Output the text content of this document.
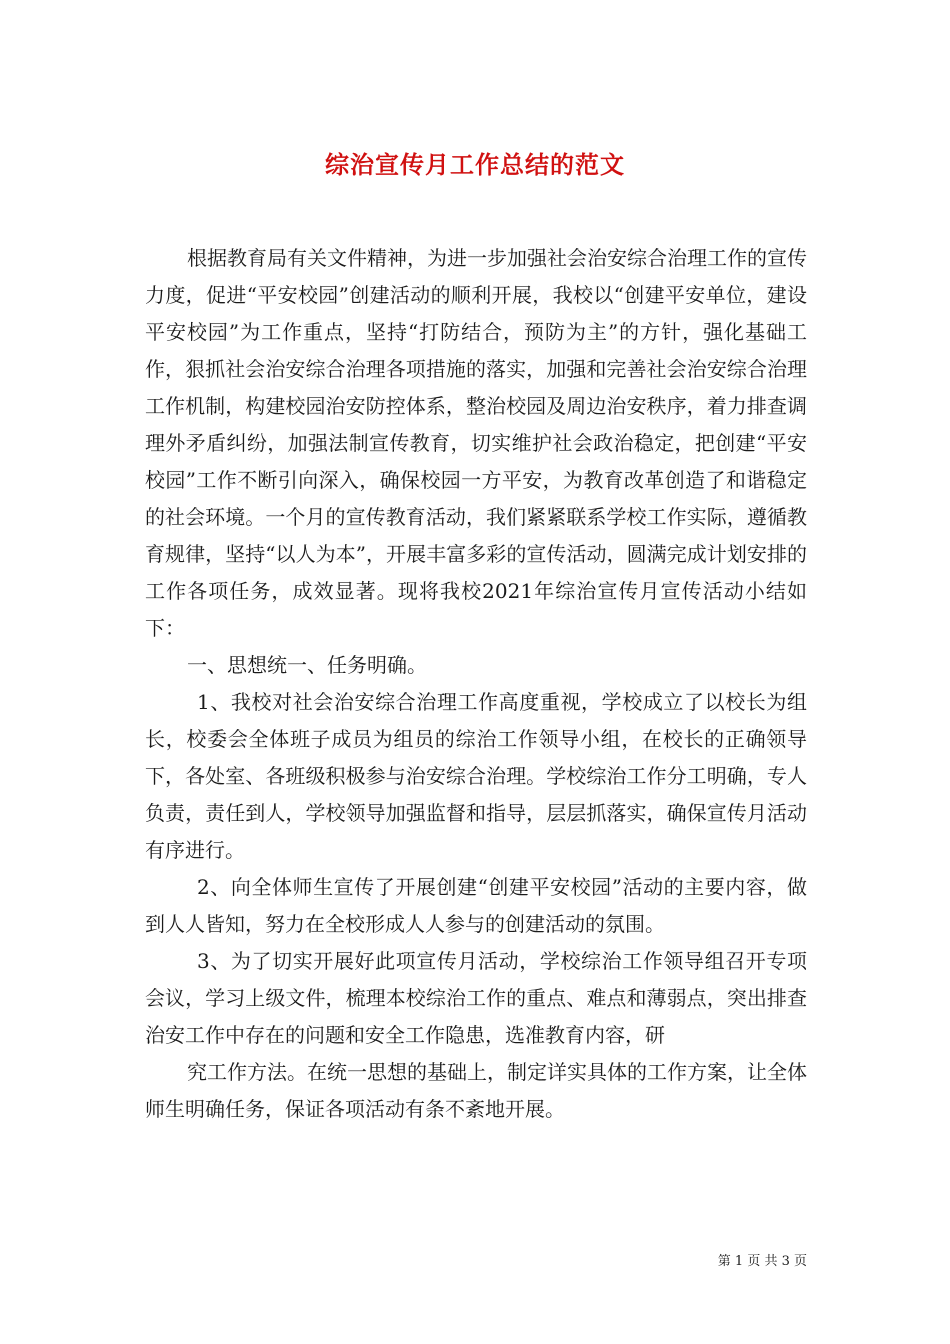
综治宣传月工作总结的范文

根据教育局有关文件精神，为进一步加强社会治安综合治理工作的宣传力度，促进“平安校园”创建活动的顺利开展，我校以“创建平安单位，建设平安校园”为工作重点，坚持“打防结合，预防为主”的方针，强化基础工作，狠抓社会治安综合治理各项措施的落实，加强和完善社会治安综合治理工作机制，构建校园治安防控体系，整治校园及周边治安秩序，着力排查调理外矛盾纠纷，加强法制宣传教育，切实维护社会政治稳定，把创建“平安校园”工作不断引向深入，确保校园一方平安，为教育改革创造了和谐稳定的社会环境。一个月的宣传教育活动，我们紧紧联系学校工作实际，遵循教育规律，坚持“以人为本”，开展丰富多彩的宣传活动，圆满完成计划安排的工作各项任务，成效显著。现将我校2021年综治宣传月宣传活动小结如下：

一、思想统一、任务明确。

1、我校对社会治安综合治理工作高度重视，学校成立了以校长为组长，校委会全体班子成员为组员的综治工作领导小组，在校长的正确领导下，各处室、各班级积极参与治安综合治理。学校综治工作分工明确，专人负责，责任到人，学校领导加强监督和指导，层层抓落实，确保宣传月活动有序进行。

2、向全体师生宣传了开展创建“创建平安校园”活动的主要内容，做到人人皆知，努力在全校形成人人参与的创建活动的氛围。

3、为了切实开展好此项宣传月活动，学校综治工作领导组召开专项会议，学习上级文件，梳理本校综治工作的重点、难点和薄弱点，突出排查治安工作中存在的问题和安全工作隐患，选准教育内容，研

究工作方法。在统一思想的基础上，制定详实具体的工作方案，让全体师生明确任务，保证各项活动有条不紊地开展。

第 1 页 共 3 页
